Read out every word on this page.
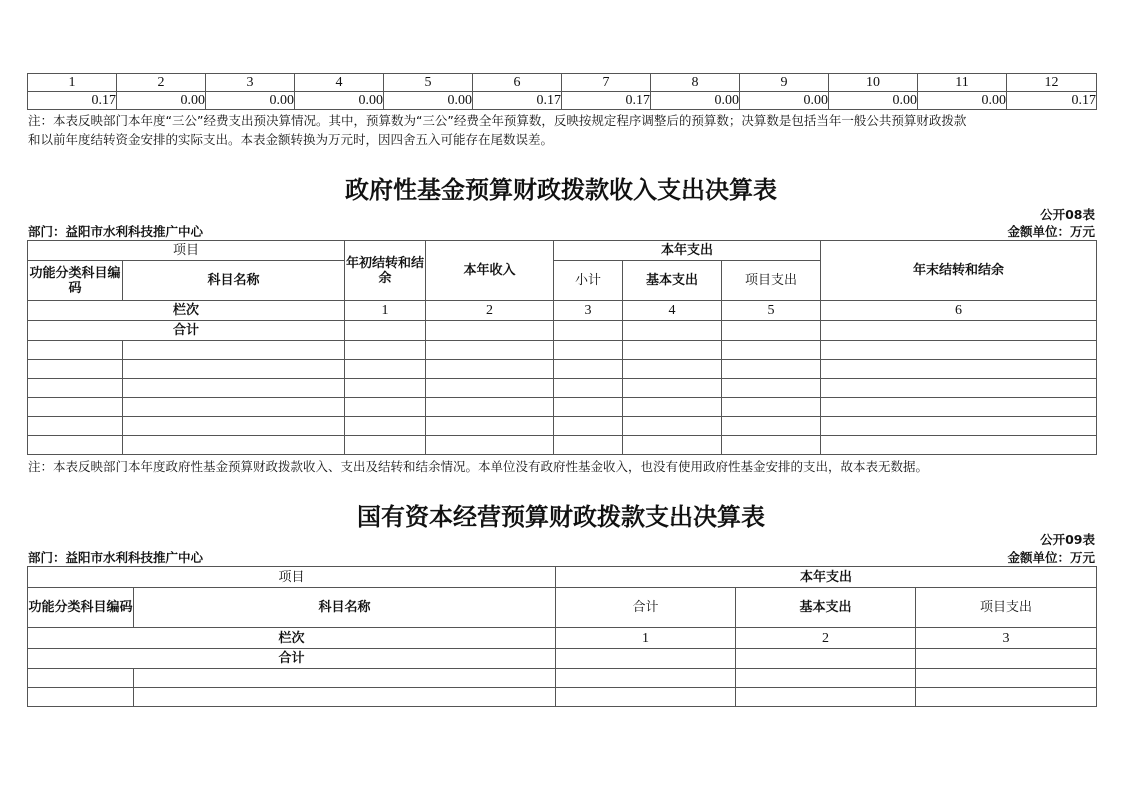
1	2	3	4	5	6	7	8	9	10	11	12
0.17	0.00	0.00	0.00	0.00	0.17	0.17	0.00	0.00	0.00	0.00	0.17
注：本表反映部门本年度“三公”经费支出预决算情况。其中，预算数为“三公”经费全年预算数，反映按规定程序调整后的预算数；决算数是包括当年一般公共预算财政拨款
和以前年度结转资金安排的实际支出。本表金额转换为万元时，因四舍五入可能存在尾数误差。
政府性基金预算财政拨款收入支出决算表
公开08表
部门：益阳市水利科技推广中心	金额单位：万元
项目		年初结转和结余	本年收入	本年支出			年末结转和结余
功能分类科目编码	科目名称			小计	基本支出	项目支出	
栏次		1	2	3	4	5	6
合计							

注：本表反映部门本年度政府性基金预算财政拨款收入、支出及结转和结余情况。本单位没有政府性基金收入，也没有使用政府性基金安排的支出，故本表无数据。
国有资本经营预算财政拨款支出决算表
公开09表
部门：益阳市水利科技推广中心	金额单位：万元
项目		本年支出		
功能分类科目编码	科目名称	合计	基本支出	项目支出
栏次		1	2	3
合计				
